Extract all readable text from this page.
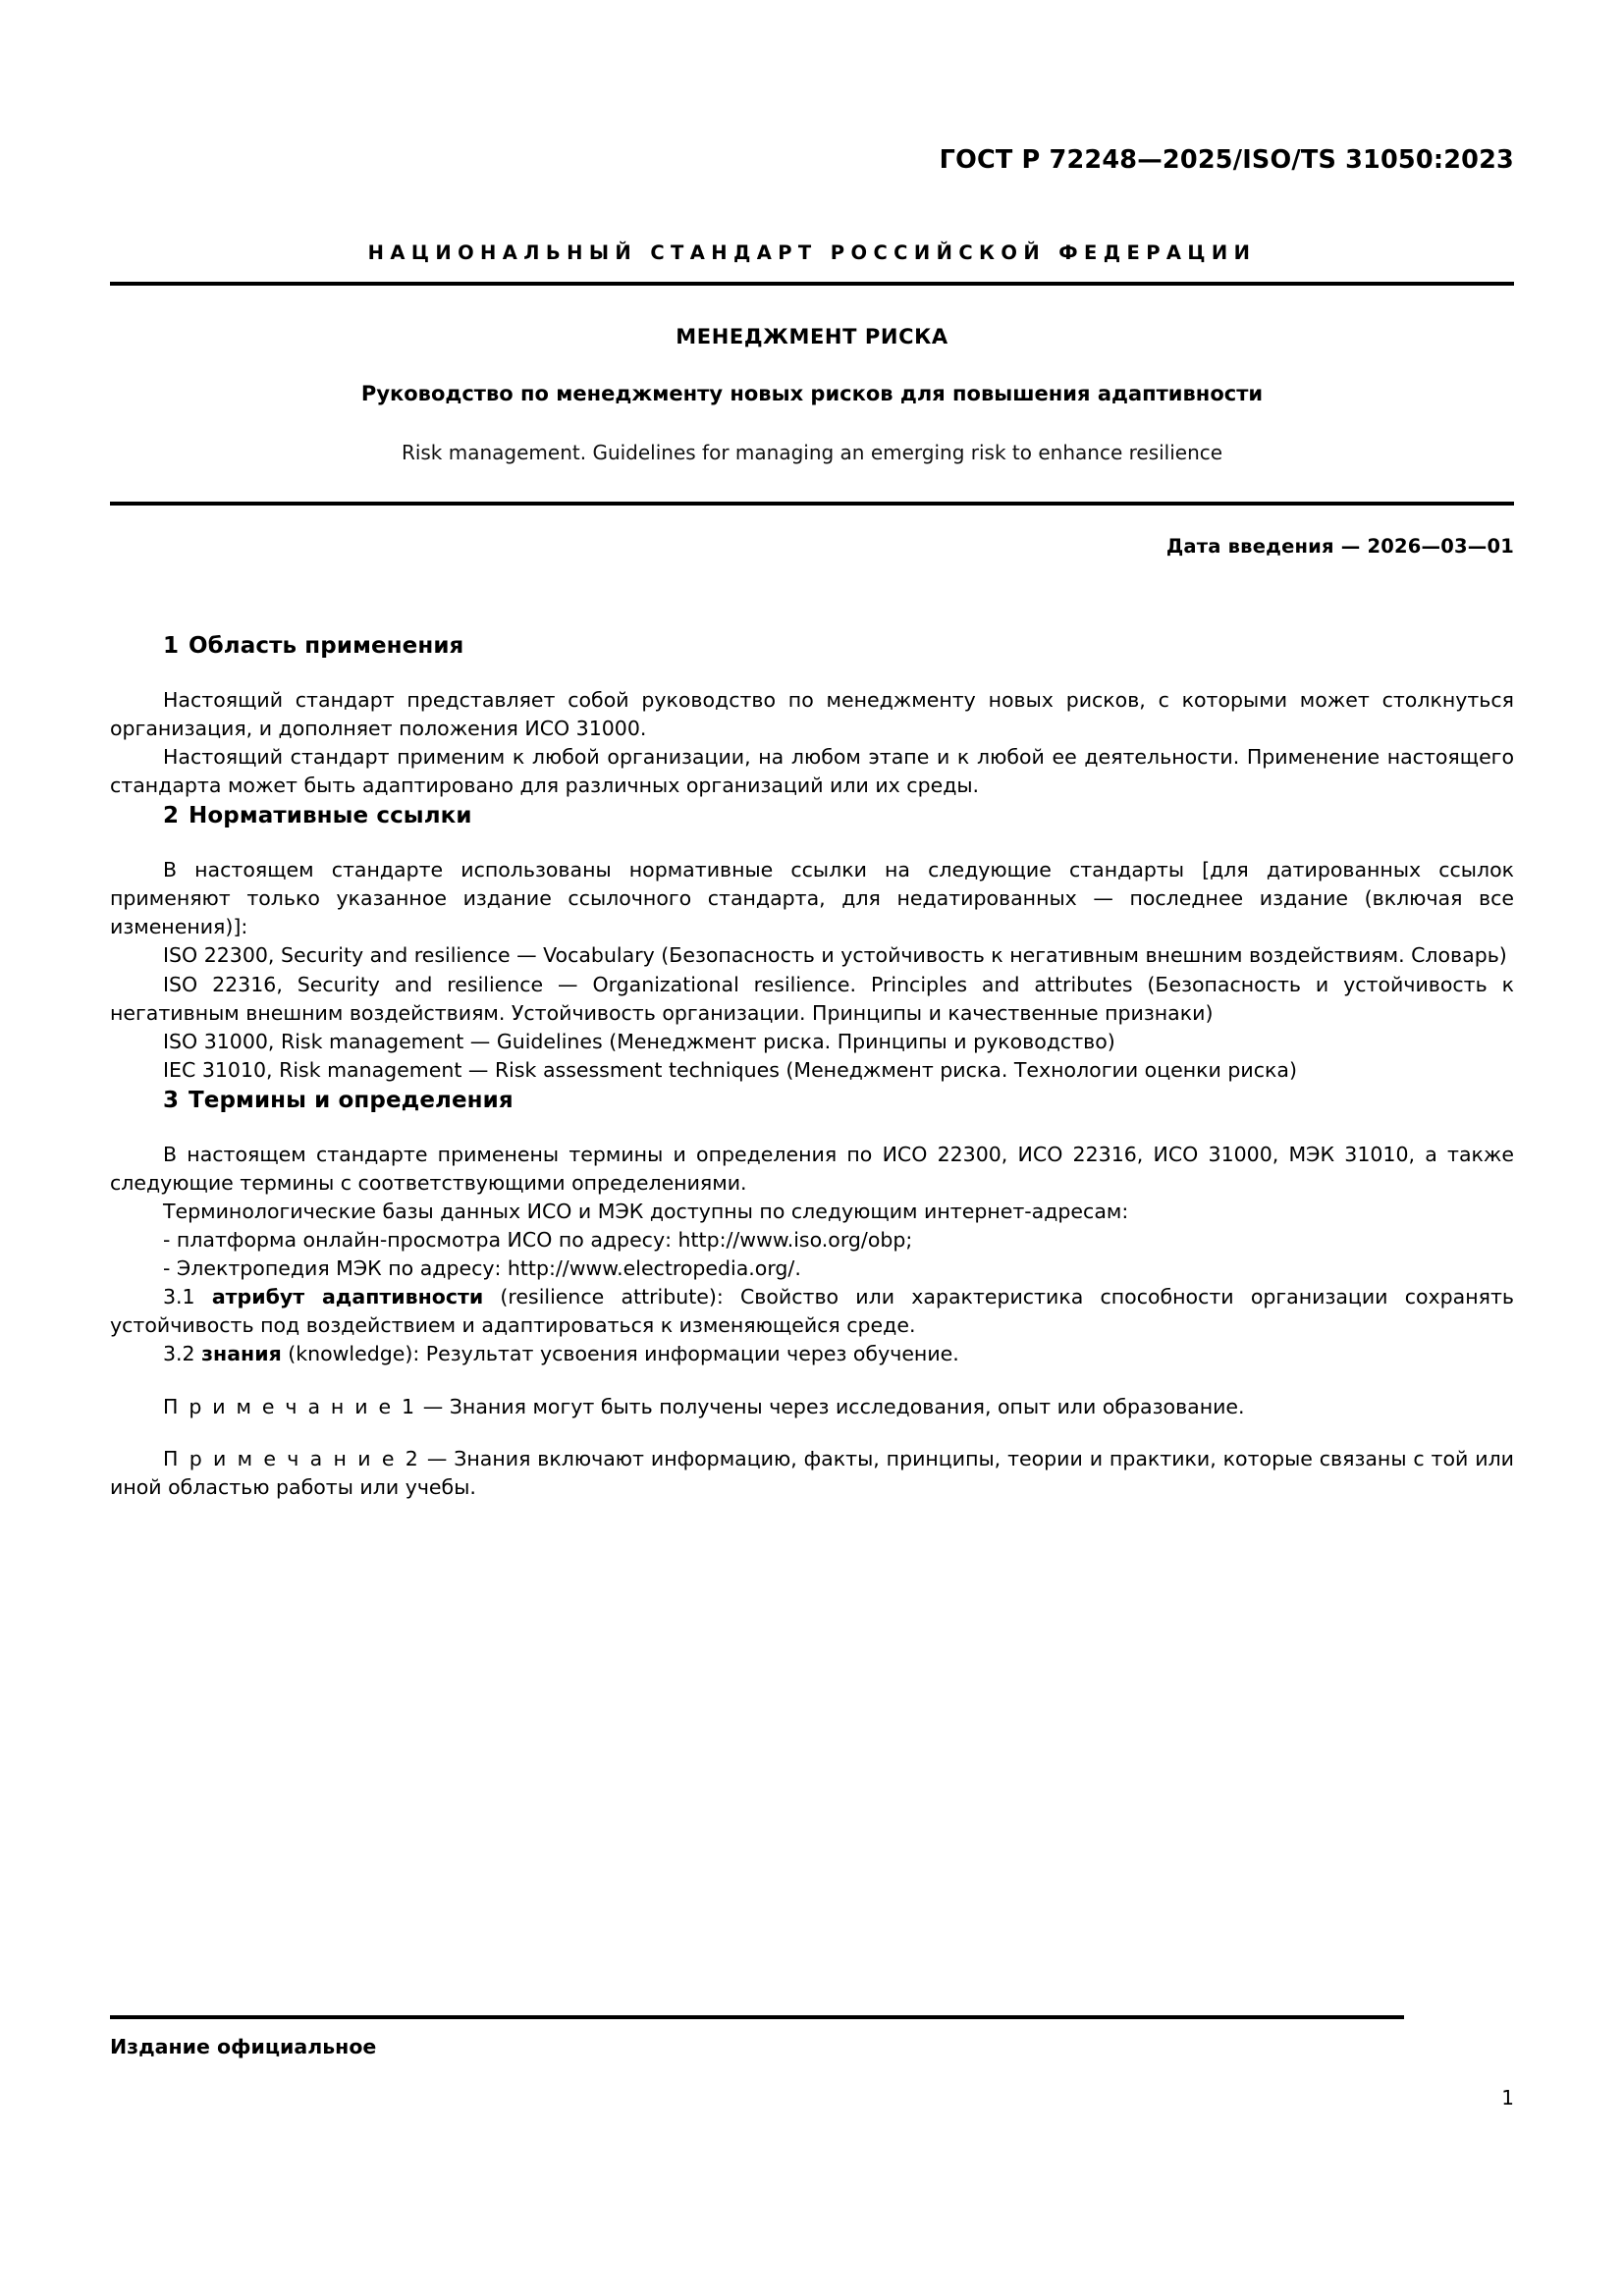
ГОСТ Р 72248—2025/ISO/TS 31050:2023
НАЦИОНАЛЬНЫЙ СТАНДАРТ РОССИЙСКОЙ ФЕДЕРАЦИИ
МЕНЕДЖМЕНТ РИСКА
Руководство по менеджменту новых рисков для повышения адаптивности
Risk management. Guidelines for managing an emerging risk to enhance resilience
Дата введения — 2026—03—01
1 Область применения

Настоящий стандарт представляет собой руководство по менеджменту новых рисков, с которыми может столкнуться организация, и дополняет положения ИСО 31000.

Настоящий стандарт применим к любой организации, на любом этапе и к любой ее деятельности. Применение настоящего стандарта может быть адаптировано для различных организаций или их среды.

2 Нормативные ссылки

В настоящем стандарте использованы нормативные ссылки на следующие стандарты [для датированных ссылок применяют только указанное издание ссылочного стандарта, для недатированных — последнее издание (включая все изменения)]:

ISO 22300, Security and resilience — Vocabulary (Безопасность и устойчивость к негативным внешним воздействиям. Словарь)

ISO 22316, Security and resilience — Organizational resilience. Principles and attributes (Безопасность и устойчивость к негативным внешним воздействиям. Устойчивость организации. Принципы и качественные признаки)

ISO 31000, Risk management — Guidelines (Менеджмент риска. Принципы и руководство)

IEC 31010, Risk management — Risk assessment techniques (Менеджмент риска. Технологии оценки риска)

3 Термины и определения

В настоящем стандарте применены термины и определения по ИСО 22300, ИСО 22316, ИСО 31000, МЭК 31010, а также следующие термины с соответствующими определениями.

Терминологические базы данных ИСО и МЭК доступны по следующим интернет-адресам:

- платформа онлайн-просмотра ИСО по адресу: http://www.iso.org/obp;

- Электропедия МЭК по адресу: http://www.electropedia.org/.

3.1 атрибут адаптивности (resilience attribute): Свойство или характеристика способности организации сохранять устойчивость под воздействием и адаптироваться к изменяющейся среде.

3.2 знания (knowledge): Результат усвоения информации через обучение.

П р и м е ч а н и е 1 — Знания могут быть получены через исследования, опыт или образование.

П р и м е ч а н и е 2 — Знания включают информацию, факты, принципы, теории и практики, которые связаны с той или иной областью работы или учебы.

Издание официальное
1
